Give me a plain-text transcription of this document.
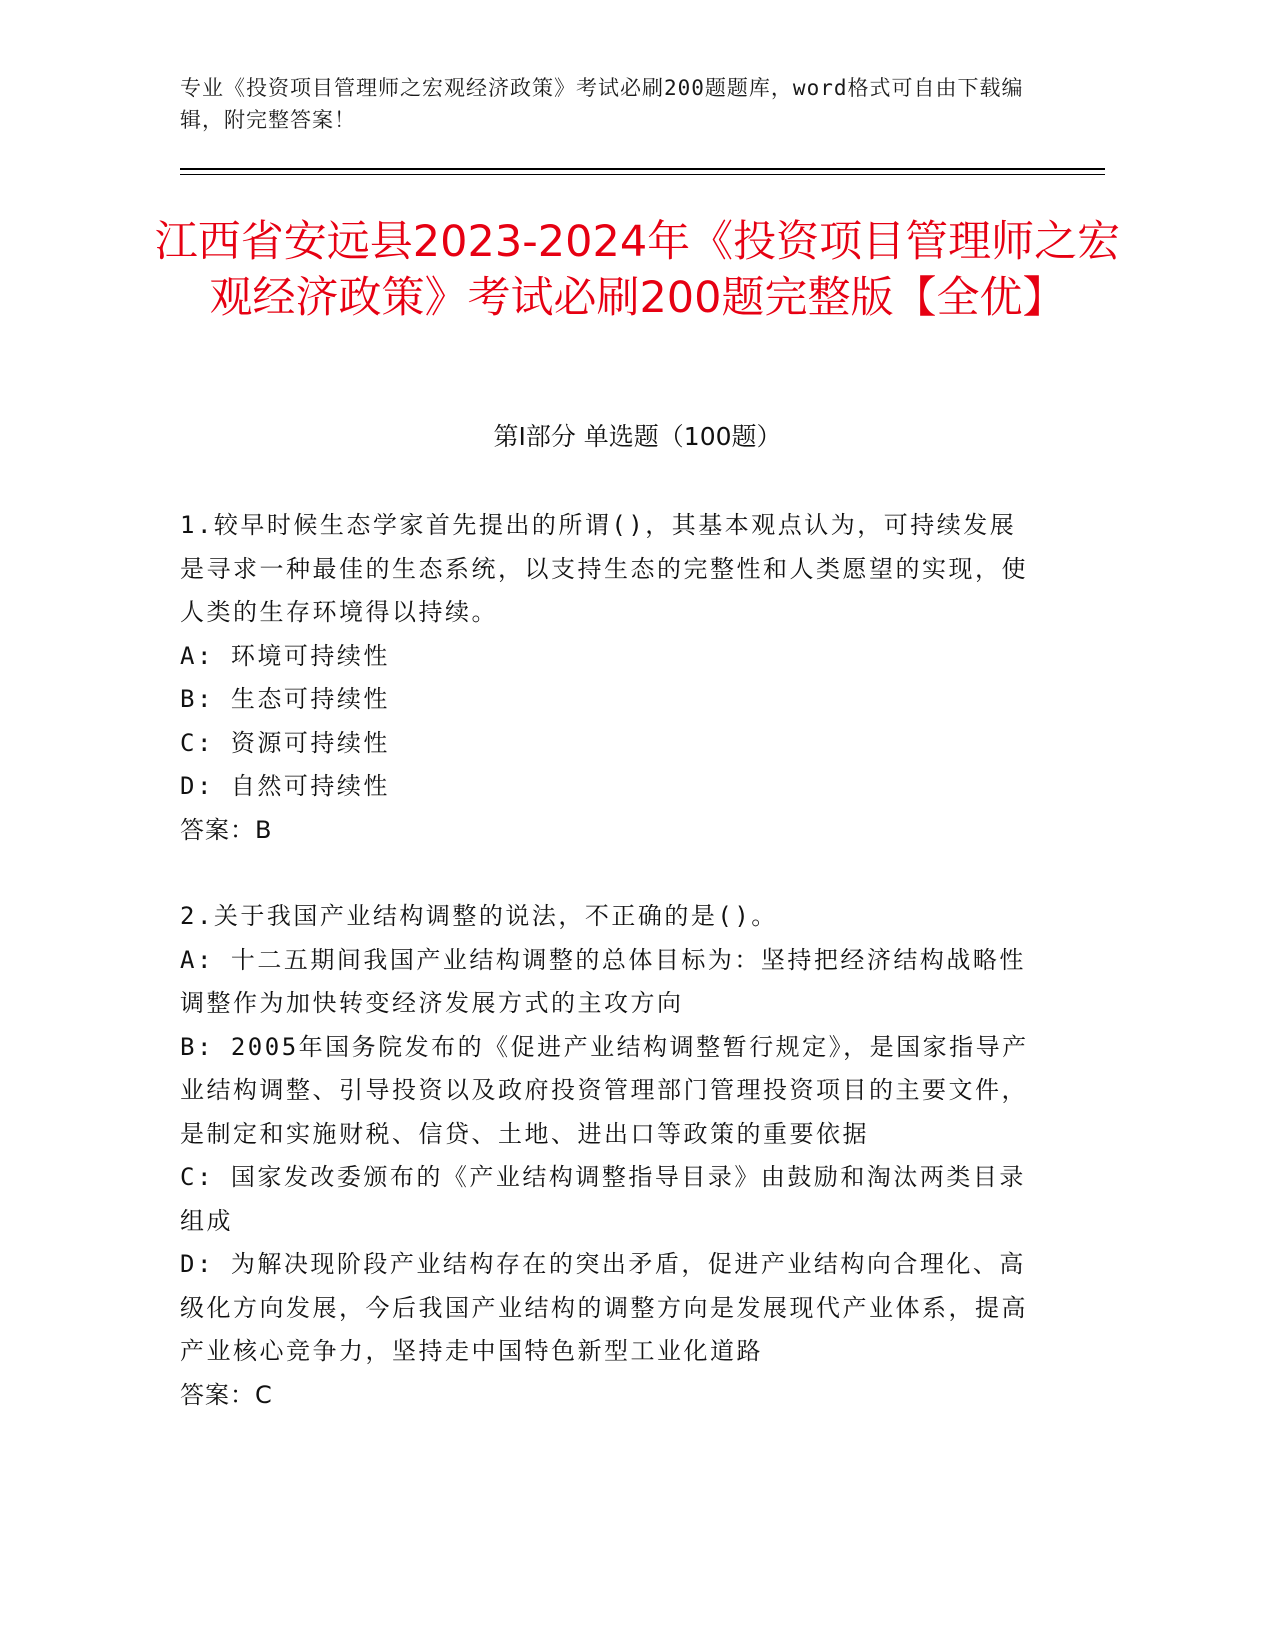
专业《投资项目管理师之宏观经济政策》考试必刷200题题库，word格式可自由下载编辑，附完整答案！
江西省安远县2023-2024年《投资项目管理师之宏观经济政策》考试必刷200题完整版【全优】
第I部分 单选题（100题）
1.较早时候生态学家首先提出的所谓()，其基本观点认为，可持续发展是寻求一种最佳的生态系统，以支持生态的完整性和人类愿望的实现，使人类的生存环境得以持续。
A: 环境可持续性
B: 生态可持续性
C: 资源可持续性
D: 自然可持续性
答案：B
2.关于我国产业结构调整的说法，不正确的是()。
A: 十二五期间我国产业结构调整的总体目标为：坚持把经济结构战略性调整作为加快转变经济发展方式的主攻方向
B: 2005年国务院发布的《促进产业结构调整暂行规定》，是国家指导产业结构调整、引导投资以及政府投资管理部门管理投资项目的主要文件，是制定和实施财税、信贷、土地、进出口等政策的重要依据
C: 国家发改委颁布的《产业结构调整指导目录》由鼓励和淘汰两类目录组成
D: 为解决现阶段产业结构存在的突出矛盾，促进产业结构向合理化、高级化方向发展，今后我国产业结构的调整方向是发展现代产业体系，提高产业核心竞争力，坚持走中国特色新型工业化道路
答案：C
